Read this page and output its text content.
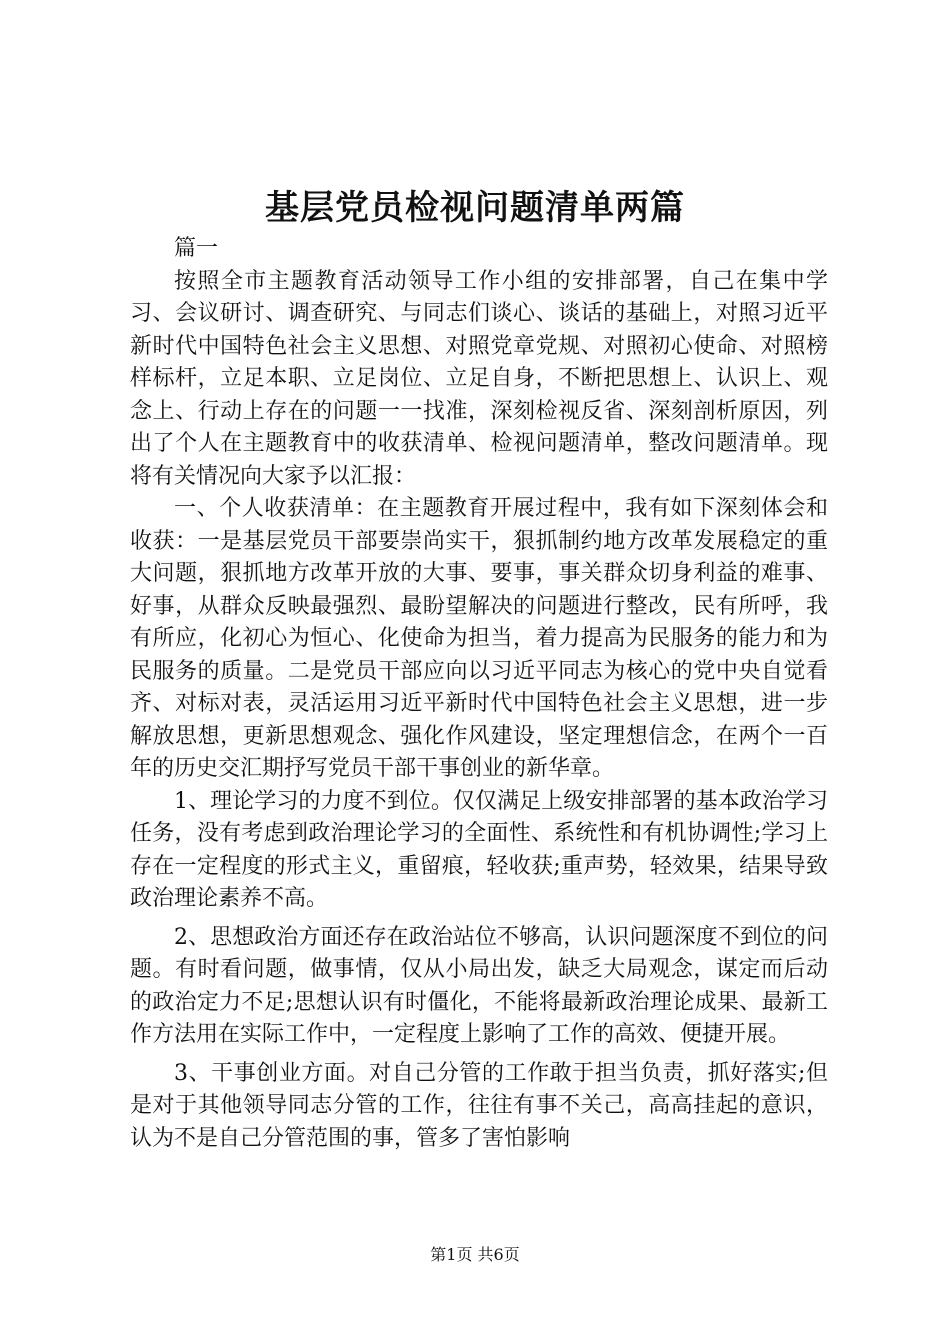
基层党员检视问题清单两篇

篇一

按照全市主题教育活动领导工作小组的安排部署，自己在集中学习、会议研讨、调查研究、与同志们谈心、谈话的基础上，对照习近平新时代中国特色社会主义思想、对照党章党规、对照初心使命、对照榜样标杆，立足本职、立足岗位、立足自身，不断把思想上、认识上、观念上、行动上存在的问题一一找准，深刻检视反省、深刻剖析原因，列出了个人在主题教育中的收获清单、检视问题清单，整改问题清单。现将有关情况向大家予以汇报：

一、个人收获清单：在主题教育开展过程中，我有如下深刻体会和收获：一是基层党员干部要崇尚实干，狠抓制约地方改革发展稳定的重大问题，狠抓地方改革开放的大事、要事，事关群众切身利益的难事、好事，从群众反映最强烈、最盼望解决的问题进行整改，民有所呼，我有所应，化初心为恒心、化使命为担当，着力提高为民服务的能力和为民服务的质量。二是党员干部应向以习近平同志为核心的党中央自觉看齐、对标对表，灵活运用习近平新时代中国特色社会主义思想，进一步解放思想，更新思想观念、强化作风建设，坚定理想信念，在两个一百年的历史交汇期抒写党员干部干事创业的新华章。

1、理论学习的力度不到位。仅仅满足上级安排部署的基本政治学习任务，没有考虑到政治理论学习的全面性、系统性和有机协调性;学习上存在一定程度的形式主义，重留痕，轻收获;重声势，轻效果，结果导致政治理论素养不高。

2、思想政治方面还存在政治站位不够高，认识问题深度不到位的问题。有时看问题，做事情，仅从小局出发，缺乏大局观念，谋定而后动的政治定力不足;思想认识有时僵化，不能将最新政治理论成果、最新工作方法用在实际工作中，一定程度上影响了工作的高效、便捷开展。

3、干事创业方面。对自己分管的工作敢于担当负责，抓好落实;但是对于其他领导同志分管的工作，往往有事不关己，高高挂起的意识，认为不是自己分管范围的事，管多了害怕影响

第1页 共6页
